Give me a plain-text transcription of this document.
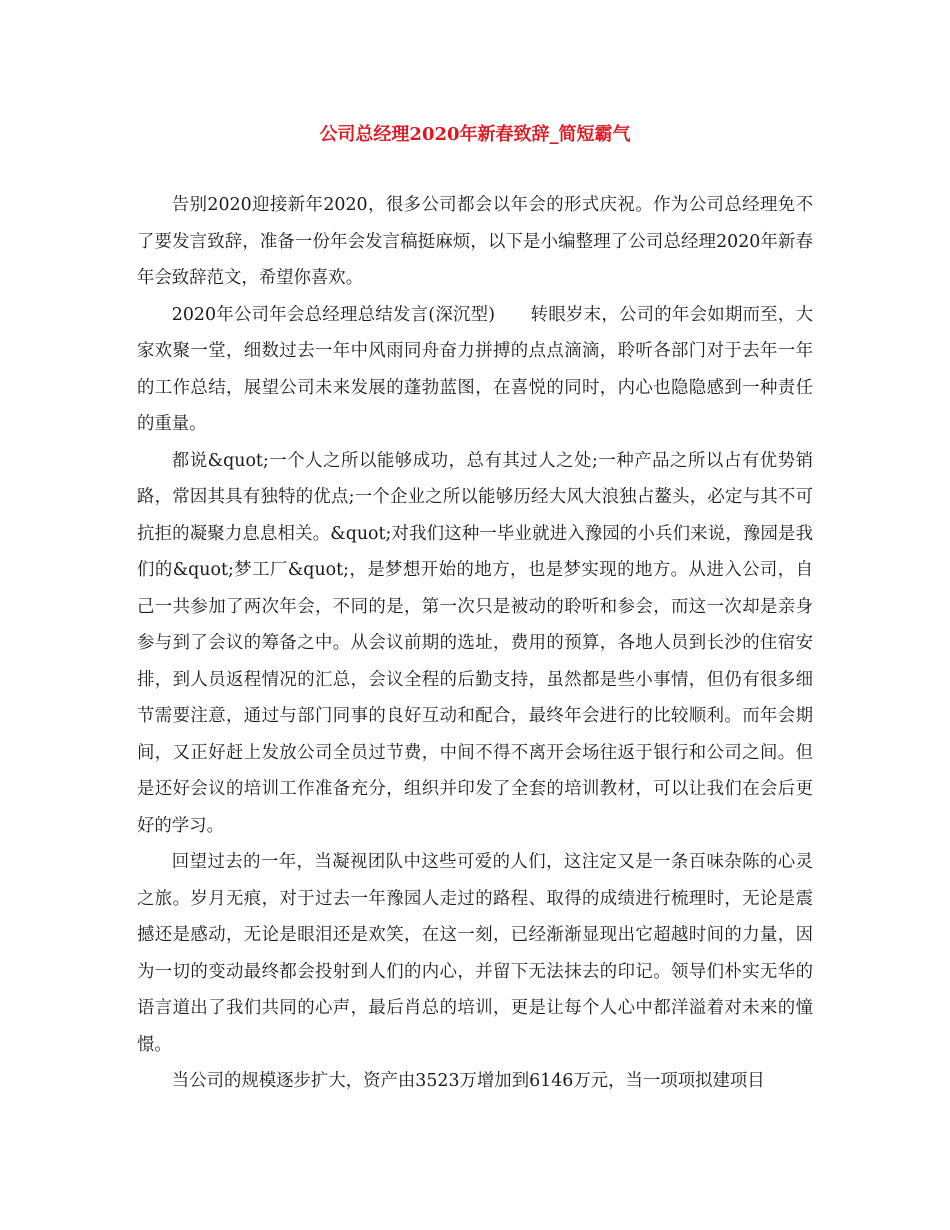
公司总经理2020年新春致辞_简短霸气

告别2020迎接新年2020，很多公司都会以年会的形式庆祝。作为公司总经理免不了要发言致辞，准备一份年会发言稿挺麻烦，以下是小编整理了公司总经理2020年新春年会致辞范文，希望你喜欢。

2020年公司年会总经理总结发言(深沉型)　　转眼岁末，公司的年会如期而至，大家欢聚一堂，细数过去一年中风雨同舟奋力拼搏的点点滴滴，聆听各部门对于去年一年的工作总结，展望公司未来发展的蓬勃蓝图，在喜悦的同时，内心也隐隐感到一种责任的重量。

都说&quot;一个人之所以能够成功，总有其过人之处;一种产品之所以占有优势销路，常因其具有独特的优点;一个企业之所以能够历经大风大浪独占鳌头，必定与其不可抗拒的凝聚力息息相关。&quot;对我们这种一毕业就进入豫园的小兵们来说，豫园是我们的&quot;梦工厂&quot;，是梦想开始的地方，也是梦实现的地方。从进入公司，自己一共参加了两次年会，不同的是，第一次只是被动的聆听和参会，而这一次却是亲身参与到了会议的筹备之中。从会议前期的选址，费用的预算，各地人员到长沙的住宿安排，到人员返程情况的汇总，会议全程的后勤支持，虽然都是些小事情，但仍有很多细节需要注意，通过与部门同事的良好互动和配合，最终年会进行的比较顺利。而年会期间，又正好赶上发放公司全员过节费，中间不得不离开会场往返于银行和公司之间。但是还好会议的培训工作准备充分，组织并印发了全套的培训教材，可以让我们在会后更好的学习。

回望过去的一年，当凝视团队中这些可爱的人们，这注定又是一条百味杂陈的心灵之旅。岁月无痕，对于过去一年豫园人走过的路程、取得的成绩进行梳理时，无论是震撼还是感动，无论是眼泪还是欢笑，在这一刻，已经渐渐显现出它超越时间的力量，因为一切的变动最终都会投射到人们的内心，并留下无法抹去的印记。领导们朴实无华的语言道出了我们共同的心声，最后肖总的培训，更是让每个人心中都洋溢着对未来的憧憬。

当公司的规模逐步扩大，资产由3523万增加到6146万元，当一项项拟建项目
